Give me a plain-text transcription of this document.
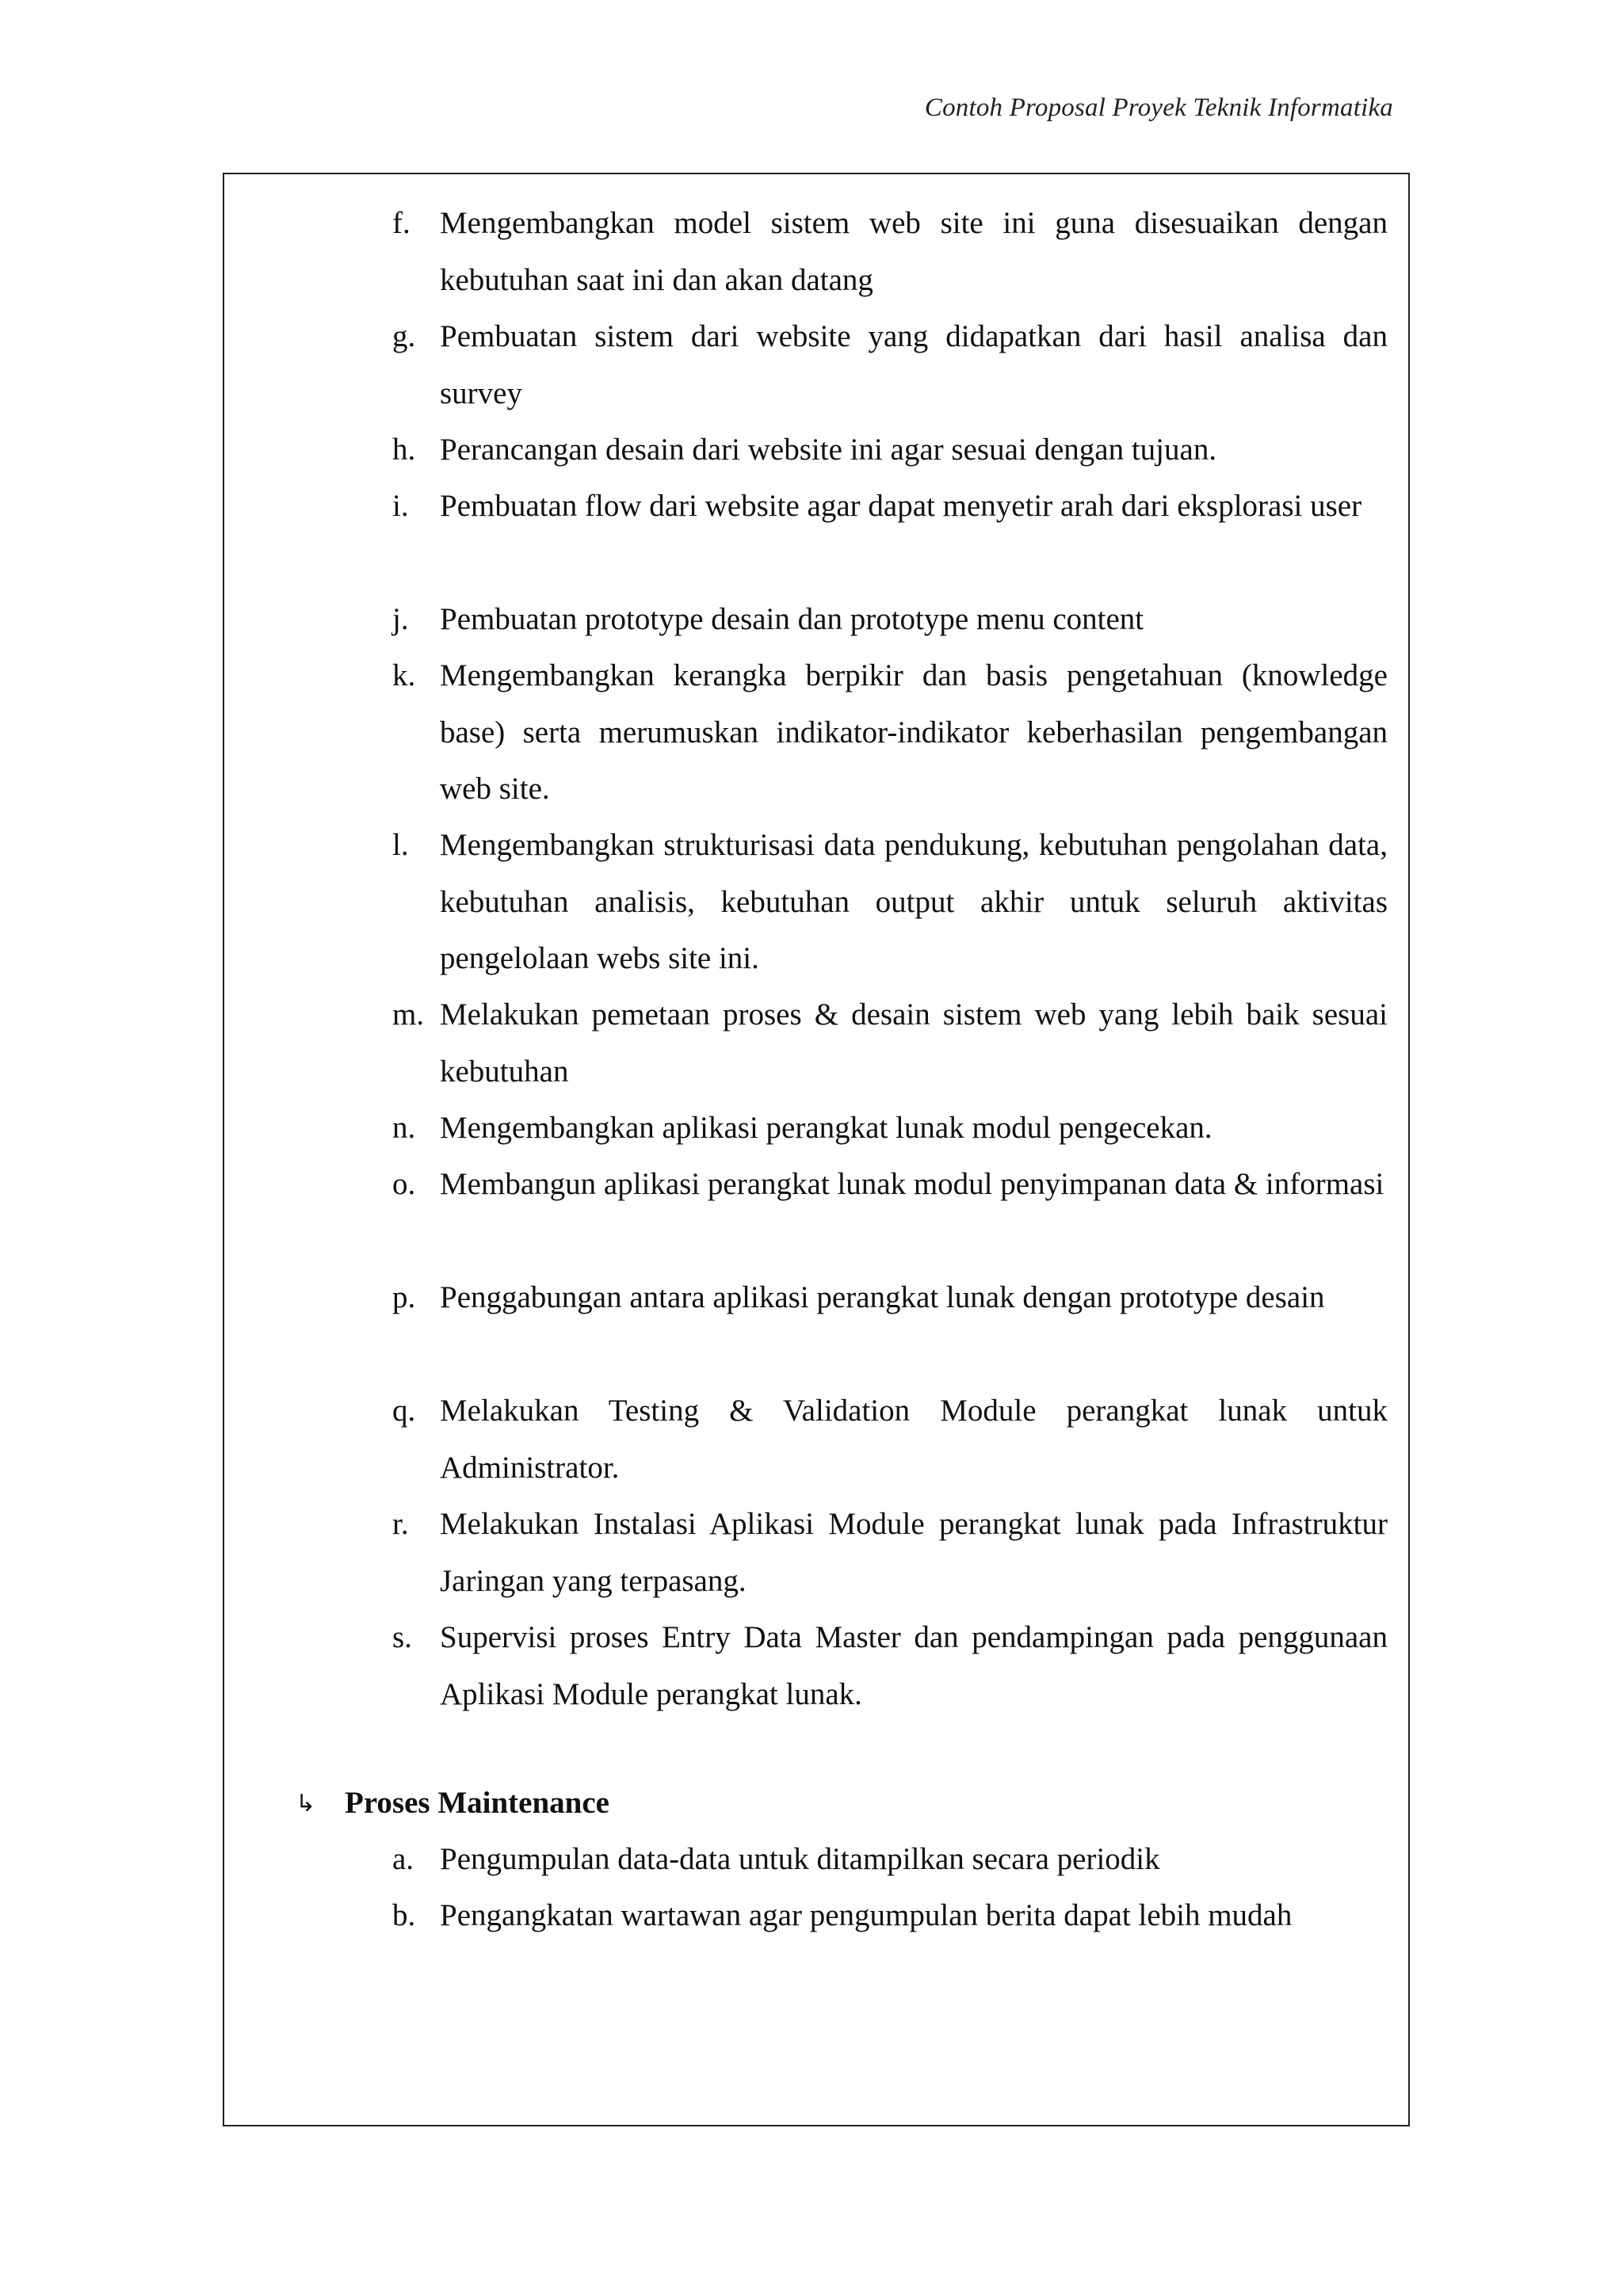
Contoh Proposal Proyek Teknik Informatika
f. Mengembangkan model sistem web site ini guna disesuaikan dengan kebutuhan saat ini dan akan datang
g. Pembuatan sistem dari website yang didapatkan dari hasil analisa dan survey
h. Perancangan desain dari website ini agar sesuai dengan tujuan.
i.	Pembuatan flow dari website agar dapat menyetir arah dari eksplorasi user
j.	Pembuatan prototype desain dan prototype menu content
k. Mengembangkan kerangka berpikir dan basis pengetahuan (knowledge base) serta merumuskan indikator-indikator keberhasilan pengembangan web site.
l.	Mengembangkan strukturisasi data pendukung, kebutuhan pengolahan data, kebutuhan analisis, kebutuhan output akhir untuk seluruh aktivitas pengelolaan webs site ini.
m. Melakukan pemetaan proses & desain sistem web yang lebih baik sesuai kebutuhan
n. Mengembangkan aplikasi perangkat lunak modul pengecekan.
o. Membangun aplikasi perangkat lunak modul penyimpanan data & informasi
p. Penggabungan antara aplikasi perangkat lunak dengan prototype desain
q. Melakukan Testing & Validation Module perangkat lunak untuk Administrator.
r.	Melakukan Instalasi Aplikasi Module perangkat lunak pada Infrastruktur Jaringan yang terpasang.
s. Supervisi proses Entry Data Master dan pendampingan pada penggunaan Aplikasi Module perangkat lunak.
↳ Proses Maintenance
a. Pengumpulan data-data untuk ditampilkan secara periodik
b. Pengangkatan wartawan agar pengumpulan berita dapat lebih mudah
